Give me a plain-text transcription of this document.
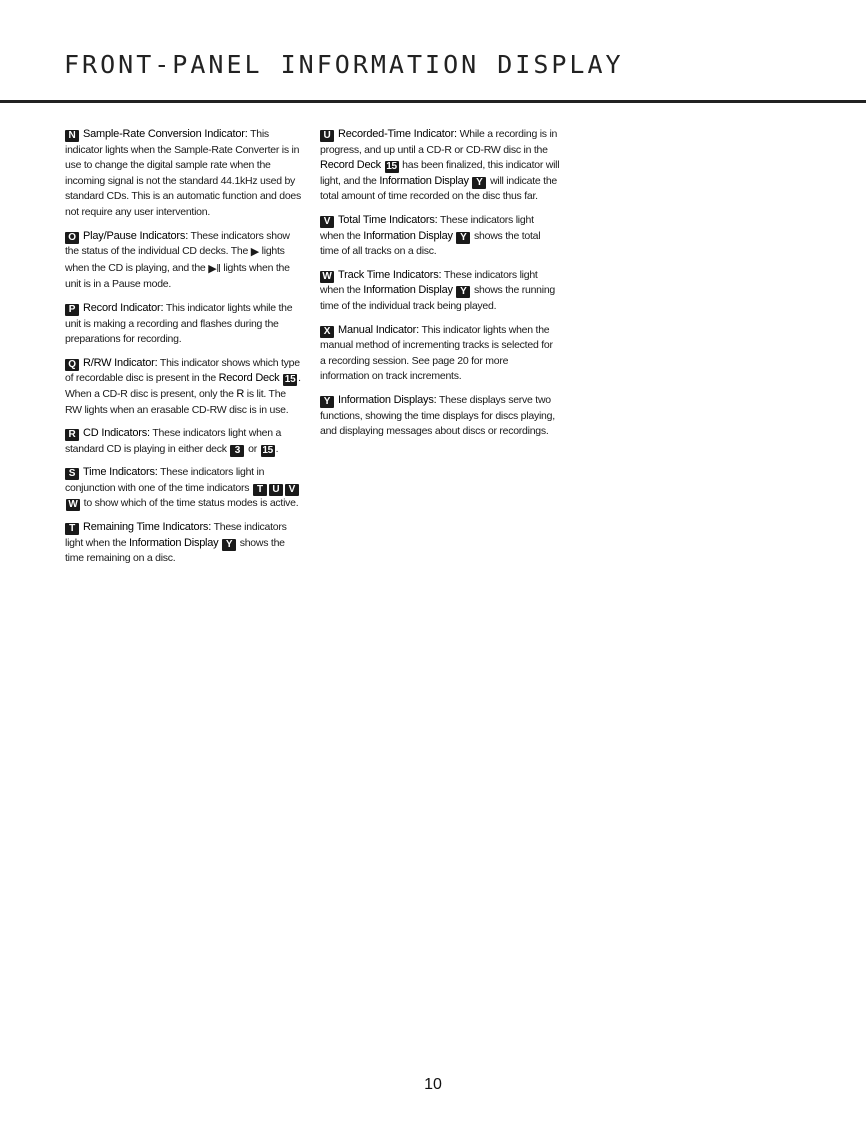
FRONT-PANEL INFORMATION DISPLAY

N Sample-Rate Conversion Indicator: This indicator lights when the Sample-Rate Converter is in use to change the digital sample rate when the incoming signal is not the standard 44.1kHz used by standard CDs. This is an automatic function and does not require any user intervention.

O Play/Pause Indicators: These indicators show the status of the individual CD decks. The ▶ lights when the CD is playing, and the ▶‖ lights when the unit is in a Pause mode.

P Record Indicator: This indicator lights while the unit is making a recording and flashes during the preparations for recording.

Q R/RW Indicator: This indicator shows which type of recordable disc is present in the Record Deck 15 . When a CD-R disc is present, only the R is lit. The RW lights when an erasable CD-RW disc is in use.

R CD Indicators: These indicators light when a standard CD is playing in either deck 3 or 15 .

S Time Indicators: These indicators light in conjunction with one of the time indicators T U VW to show which of the time status modes is active.

T Remaining Time Indicators: These indicators light when the Information Display Y shows the time remaining on a disc.

U Recorded-Time Indicator: While a recording is in progress, and up until a CD-R or CD-RW disc in the Record Deck 15 has been finalized, this indicator will light, and the Information Display Y will indicate the total amount of time recorded on the disc thus far.

V Total Time Indicators: These indicators light when the Information Display Y shows the total time of all tracks on a disc.

W Track Time Indicators: These indicators light when the Information Display Y shows the running time of the individual track being played.

X Manual Indicator: This indicator lights when the manual method of incrementing tracks is selected for a recording session. See page 20 for more information on track increments.

Y Information Displays: These displays serve two functions, showing the time displays for discs playing, and displaying messages about discs or recordings.

10
